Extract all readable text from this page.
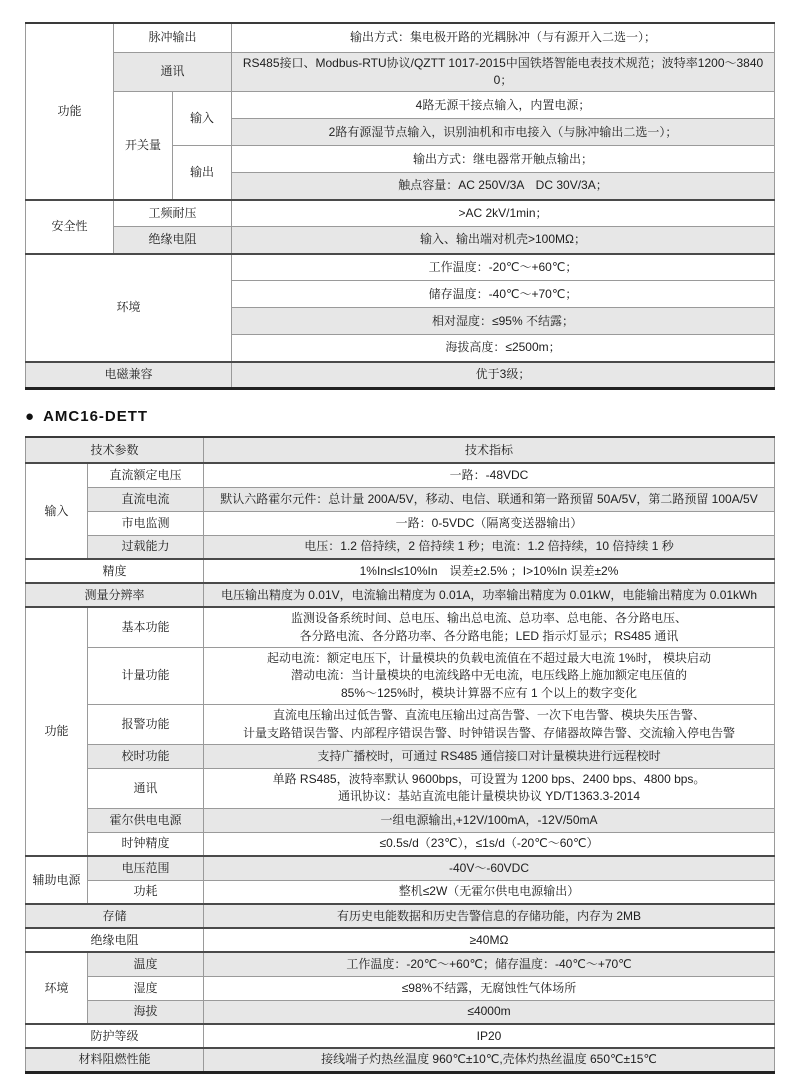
功能	脉冲输出		输出方式：集电极开路的光耦脉冲（与有源开入二选一）；
	通讯		RS485接口、Modbus-RTU协议/QZTT 1017-2015中国铁塔智能电表技术规范；波特率1200～38400；
	开关量	输入	4路无源干接点输入，内置电源；
			2路有源湿节点输入，识别油机和市电接入（与脉冲输出二选一）；
		输出	输出方式：继电器常开触点输出；
			触点容量：AC 250V/3A　DC 30V/3A；
安全性	工频耐压		>AC 2kV/1min；
	绝缘电阻		输入、输出端对机壳>100MΩ；
环境			工作温度：-20℃～+60℃；
			储存温度：-40℃～+70℃；
			相对湿度：≤95% 不结露；
			海拔高度：≤2500m；
电磁兼容			优于3级；
● AMC16-DETT
技术参数		技术指标
输入	直流额定电压	一路：-48VDC
	直流电流	默认六路霍尔元件：总计量 200A/5V，移动、电信、联通和第一路预留 50A/5V，第二路预留 100A/5V
	市电监测	一路：0-5VDC（隔离变送器输出）
	过载能力	电压：1.2 倍持续，2 倍持续 1 秒；电流：1.2 倍持续，10 倍持续 1 秒
精度		1%In≤I≤10%In　误差±2.5% ；I>10%In 误差±2%
测量分辨率		电压输出精度为 0.01V，电流输出精度为 0.01A，功率输出精度为 0.01kW，电能输出精度为 0.01kWh
功能	基本功能	监测设备系统时间、总电压、输出总电流、总功率、总电能、各分路电压、
各分路电流、各分路功率、各分路电能；LED 指示灯显示；RS485 通讯

	计量功能	起动电流：额定电压下，计量模块的负载电流值在不超过最大电流 1%时， 模块启动
潜动电流：当计量模块的电流线路中无电流，电压线路上施加额定电压值的
85%～125%时，模块计算器不应有 1 个以上的数字变化

	报警功能	直流电压输出过低告警、直流电压输出过高告警、一次下电告警、模块失压告警、
计量支路错误告警、内部程序错误告警、时钟错误告警、存储器故障告警、交流输入停电告警

	校时功能	支持广播校时，可通过 RS485 通信接口对计量模块进行远程校时
	通讯	单路 RS485，波特率默认 9600bps，可设置为 1200 bps、2400 bps、4800 bps。
通讯协议：基站直流电能计量模块协议 YD/T1363.3-2014

	霍尔供电电源	一组电源输出,+12V/100mA，-12V/50mA
	时钟精度	≤0.5s/d（23℃），≤1s/d（-20℃～60℃）
辅助电源	电压范围	-40V～-60VDC
	功耗	整机≤2W（无霍尔供电电源输出）
存储		有历史电能数据和历史告警信息的存储功能，内存为 2MB
绝缘电阻		≥40MΩ
环境	温度	工作温度：-20℃～+60℃；储存温度：-40℃～+70℃
	湿度	≤98%不结露，无腐蚀性气体场所
	海拔	≤4000m
防护等级		IP20
材料阻燃性能		接线端子灼热丝温度 960℃±10℃,壳体灼热丝温度 650℃±15℃
